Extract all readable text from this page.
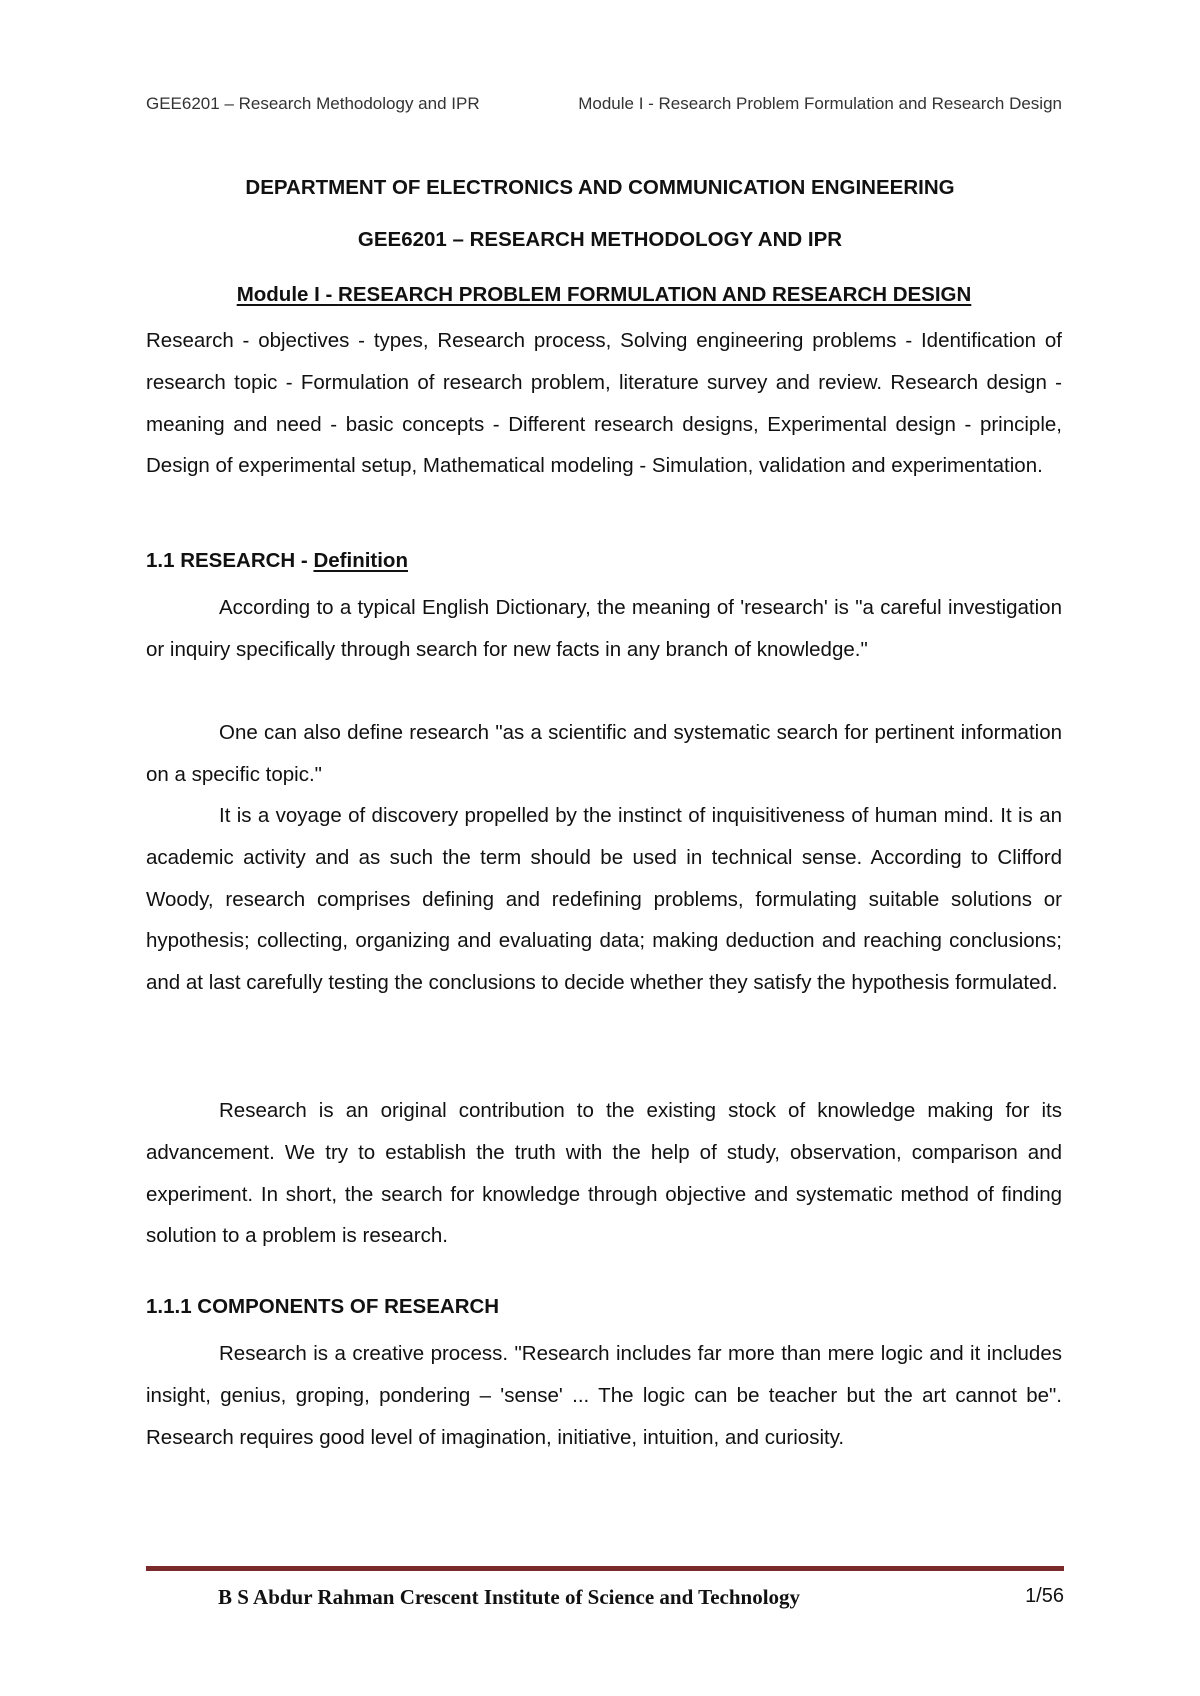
GEE6201 – Research Methodology and IPR	Module I - Research Problem Formulation and Research Design
DEPARTMENT OF ELECTRONICS AND COMMUNICATION ENGINEERING
GEE6201 – RESEARCH METHODOLOGY AND IPR
Module I - RESEARCH PROBLEM FORMULATION AND RESEARCH DESIGN

Research - objectives - types, Research process, Solving engineering problems - Identification of research topic - Formulation of research problem, literature survey and review. Research design - meaning and need - basic concepts - Different research designs, Experimental design - principle, Design of experimental setup, Mathematical modeling - Simulation, validation and experimentation.

1.1 RESEARCH - Definition

According to a typical English Dictionary, the meaning of 'research' is "a careful investigation or inquiry specifically through search for new facts in any branch of knowledge."

One can also define research "as a scientific and systematic search for pertinent information on a specific topic."

It is a voyage of discovery propelled by the instinct of inquisitiveness of human mind. It is an academic activity and as such the term should be used in technical sense. According to Clifford Woody, research comprises defining and redefining problems, formulating suitable solutions or hypothesis; collecting, organizing and evaluating data; making deduction and reaching conclusions; and at last carefully testing the conclusions to decide whether they satisfy the hypothesis formulated.

Research is an original contribution to the existing stock of knowledge making for its advancement. We try to establish the truth with the help of study, observation, comparison and experiment. In short, the search for knowledge through objective and systematic method of finding solution to a problem is research.

1.1.1 COMPONENTS OF RESEARCH

Research is a creative process. "Research includes far more than mere logic and it includes insight, genius, groping, pondering – 'sense' ... The logic can be teacher but the art cannot be". Research requires good level of imagination, initiative, intuition, and curiosity.

B S Abdur Rahman Crescent Institute of Science and Technology	1/56
